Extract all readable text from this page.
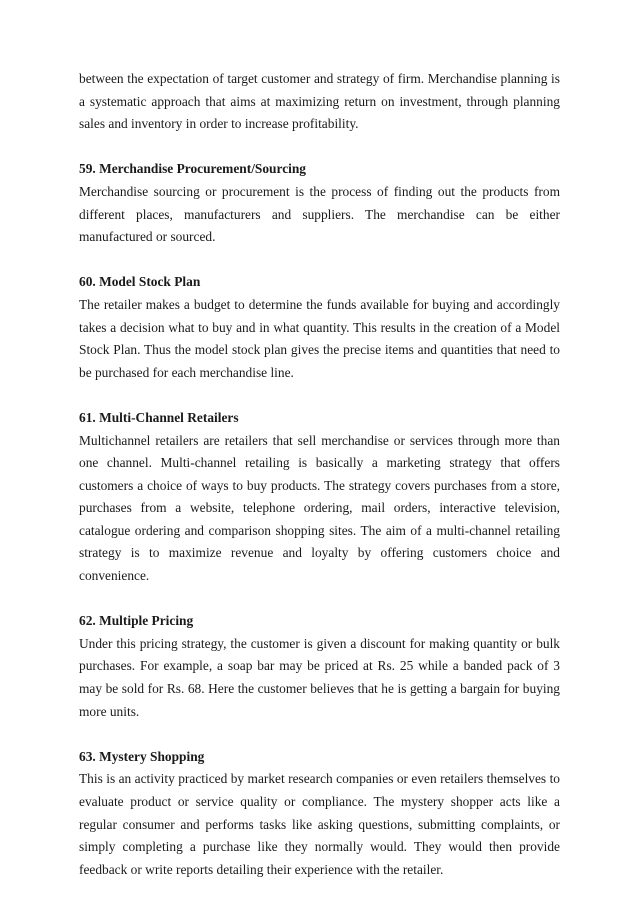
between the expectation of target customer and strategy of firm. Merchandise planning is a systematic approach that aims at maximizing return on investment, through planning sales and inventory in order to increase profitability.

59. Merchandise Procurement/Sourcing

Merchandise sourcing or procurement is the process of finding out the products from different places, manufacturers and suppliers. The merchandise can be either manufactured or sourced.

60. Model Stock Plan

The retailer makes a budget to determine the funds available for buying and accordingly takes a decision what to buy and in what quantity. This results in the creation of a Model Stock Plan. Thus the model stock plan gives the precise items and quantities that need to be purchased for each merchandise line.

61. Multi-Channel Retailers

Multichannel retailers are retailers that sell merchandise or services through more than one channel. Multi-channel retailing is basically a marketing strategy that offers customers a choice of ways to buy products. The strategy covers purchases from a store, purchases from a website, telephone ordering, mail orders, interactive television, catalogue ordering and comparison shopping sites. The aim of a multi-channel retailing strategy is to maximize revenue and loyalty by offering customers choice and convenience.

62. Multiple Pricing

Under this pricing strategy, the customer is given a discount for making quantity or bulk purchases. For example, a soap bar may be priced at Rs. 25 while a banded pack of 3 may be sold for Rs. 68. Here the customer believes that he is getting a bargain for buying more units.

63. Mystery Shopping

This is an activity practiced by market research companies or even retailers themselves to evaluate product or service quality or compliance. The mystery shopper acts like a regular consumer and performs tasks like asking questions, submitting complaints, or simply completing a purchase like they normally would. They would then provide feedback or write reports detailing their experience with the retailer.
